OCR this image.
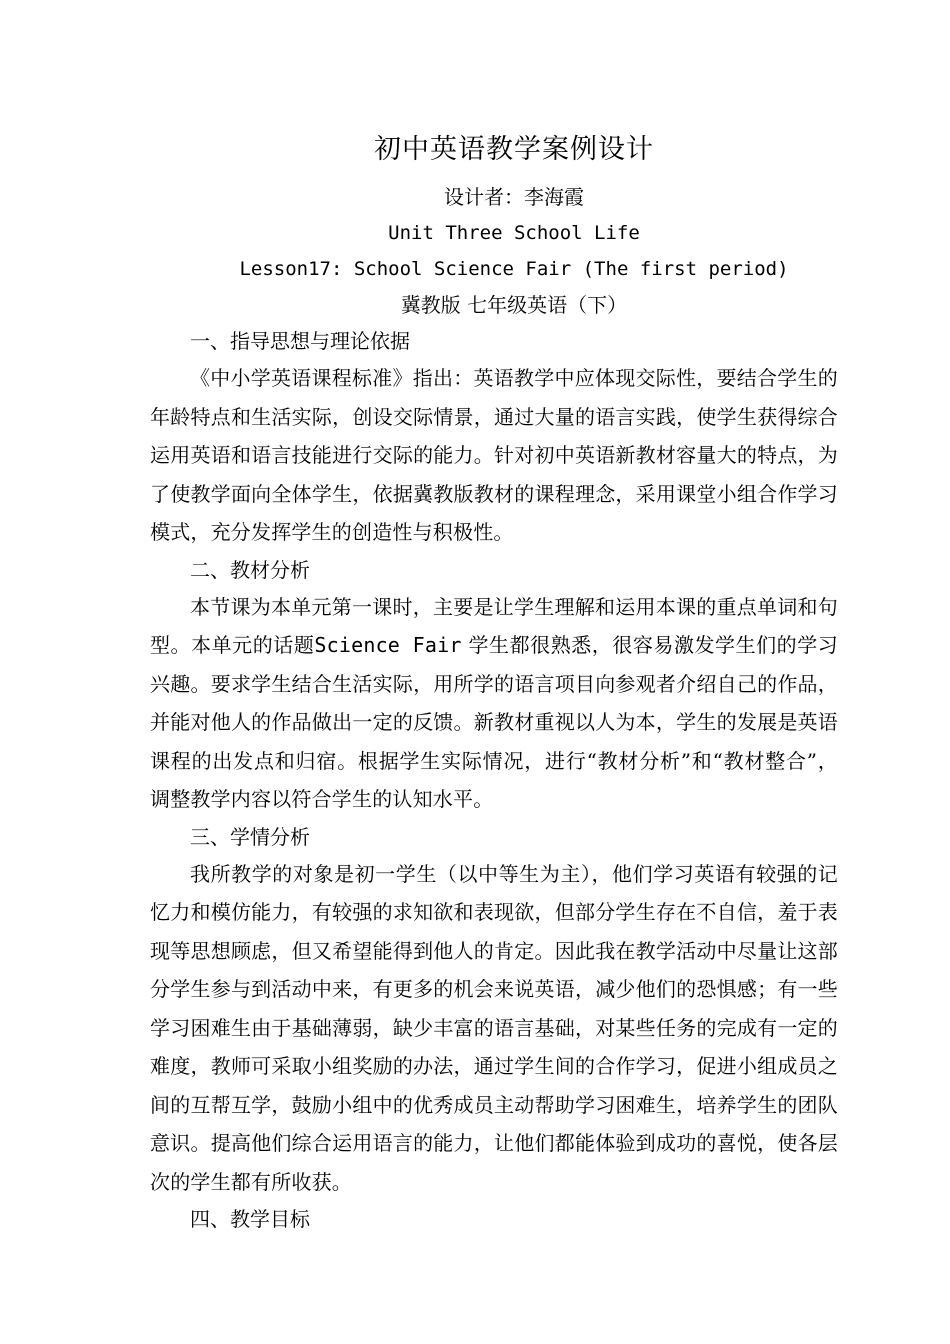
初中英语教学案例设计
设计者：李海霞
Unit Three School Life
Lesson17: School Science Fair (The first period)
冀教版 七年级英语（下）

一、指导思想与理论依据

《中小学英语课程标准》指出：英语教学中应体现交际性，要结合学生的年龄特点和生活实际，创设交际情景，通过大量的语言实践，使学生获得综合运用英语和语言技能进行交际的能力。针对初中英语新教材容量大的特点，为了使教学面向全体学生，依据冀教版教材的课程理念，采用课堂小组合作学习模式，充分发挥学生的创造性与积极性。

二、教材分析

本节课为本单元第一课时，主要是让学生理解和运用本课的重点单词和句型。本单元的话题Science Fair 学生都很熟悉，很容易激发学生们的学习兴趣。要求学生结合生活实际，用所学的语言项目向参观者介绍自己的作品，并能对他人的作品做出一定的反馈。新教材重视以人为本，学生的发展是英语课程的出发点和归宿。根据学生实际情况，进行“教材分析”和“教材整合”，调整教学内容以符合学生的认知水平。

三、学情分析

我所教学的对象是初一学生（以中等生为主），他们学习英语有较强的记忆力和模仿能力，有较强的求知欲和表现欲，但部分学生存在不自信，羞于表现等思想顾虑，但又希望能得到他人的肯定。因此我在教学活动中尽量让这部分学生参与到活动中来，有更多的机会来说英语，减少他们的恐惧感；有一些学习困难生由于基础薄弱，缺少丰富的语言基础，对某些任务的完成有一定的难度，教师可采取小组奖励的办法，通过学生间的合作学习，促进小组成员之间的互帮互学，鼓励小组中的优秀成员主动帮助学习困难生，培养学生的团队意识。提高他们综合运用语言的能力，让他们都能体验到成功的喜悦，使各层次的学生都有所收获。

四、教学目标
